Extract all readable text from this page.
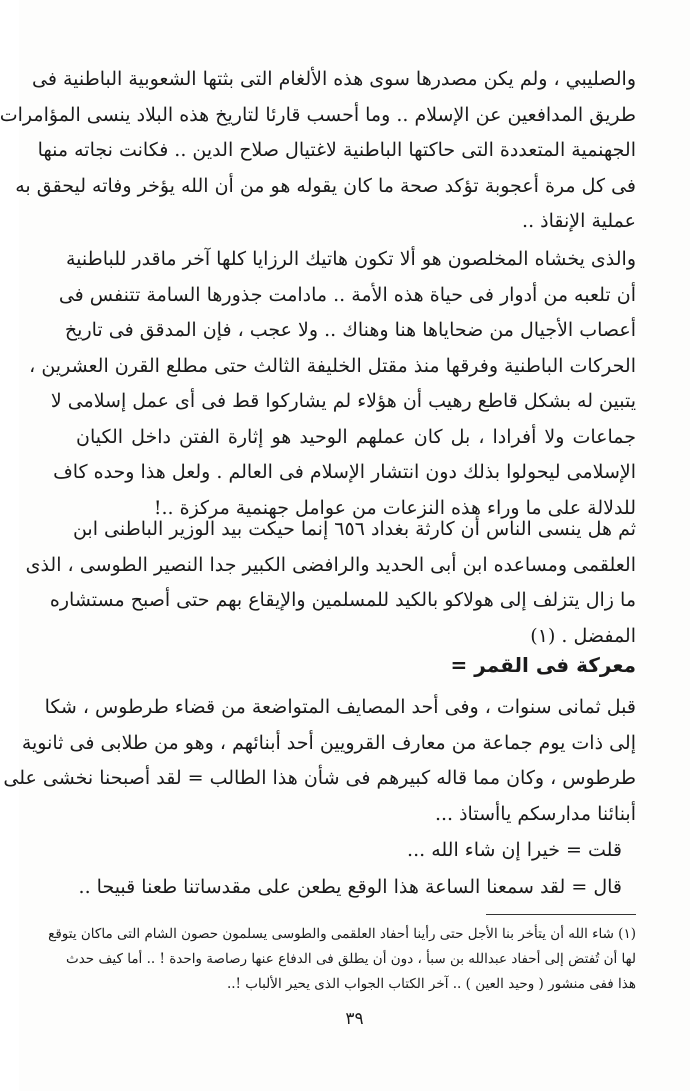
والصليبي ، ولم يكن مصدرها سوى هذه الألغام التى بثتها الشعوبية الباطنية فى
طريق المدافعين عن الإسلام .. وما أحسب قارئا لتاريخ هذه البلاد ينسى المؤامرات
الجهنمية المتعددة التى حاكتها الباطنية لاغتيال صلاح الدين .. فكانت نجاته منها
فى كل مرة أعجوبة تؤكد صحة ما كان يقوله هو من أن الله يؤخر وفاته ليحقق به
عملية الإنقاذ ..
والذى يخشاه المخلصون هو ألا تكون هاتيك الرزايا كلها آخر ماقدر للباطنية
أن تلعبه من أدوار فى حياة هذه الأمة .. مادامت جذورها السامة تتنفس فى
أعصاب الأجيال من ضحاياها هنا وهناك .. ولا عجب ، فإن المدقق فى تاريخ
الحركات الباطنية وفرقها منذ مقتل الخليفة الثالث حتى مطلع القرن العشرين ،
يتبين له بشكل قاطع رهيب أن هؤلاء لم يشاركوا قط فى أى عمل إسلامى لا
جماعات ولا أفرادا ، بل كان عملهم الوحيد هو إثارة الفتن داخل الكيان
الإسلامى ليحولوا بذلك دون انتشار الإسلام فى العالم . ولعل هذا وحده كاف
للدلالة على ما وراء هذه النزعات من عوامل جهنمية مركزة ..!
ثم هل ينسى الناس أن كارثة بغداد ٦٥٦ إنما حيكت بيد الوزير الباطنى ابن
العلقمى ومساعده ابن أبى الحديد والرافضى الكبير جدا النصير الطوسى ، الذى
ما زال يتزلف إلى هولاكو بالكيد للمسلمين والإيقاع بهم حتى أصبح مستشاره
المفضل . (١)
معركة فى القمر =
قبل ثمانى سنوات ، وفى أحد المصايف المتواضعة من قضاء طرطوس ، شكا
إلى ذات يوم جماعة من معارف القرويين أحد أبنائهم ، وهو من طلابى فى ثانوية
طرطوس ، وكان مما قاله كبيرهم فى شأن هذا الطالب = لقد أصبحنا نخشى على
أبنائنا مدارسكم ياأستاذ ...
قلت = خيرا إن شاء الله ...
قال = لقد سمعنا الساعة هذا الوقع يطعن على مقدساتنا طعنا قبيحا ..
(١) شاء الله أن يتأخر بنا الأجل حتى رأينا أحفاد العلقمى والطوسى يسلمون حصون الشام التى ماكان يتوقع
لها أن تُفتض إلى أحفاد عبدالله بن سبأ ، دون أن يطلق فى الدفاع عنها رصاصة واحدة ! .. أما كيف حدث
هذا ففى منشور ( وحيد العين ) .. آخر الكتاب الجواب الذى يحير الألباب !..
٣٩
